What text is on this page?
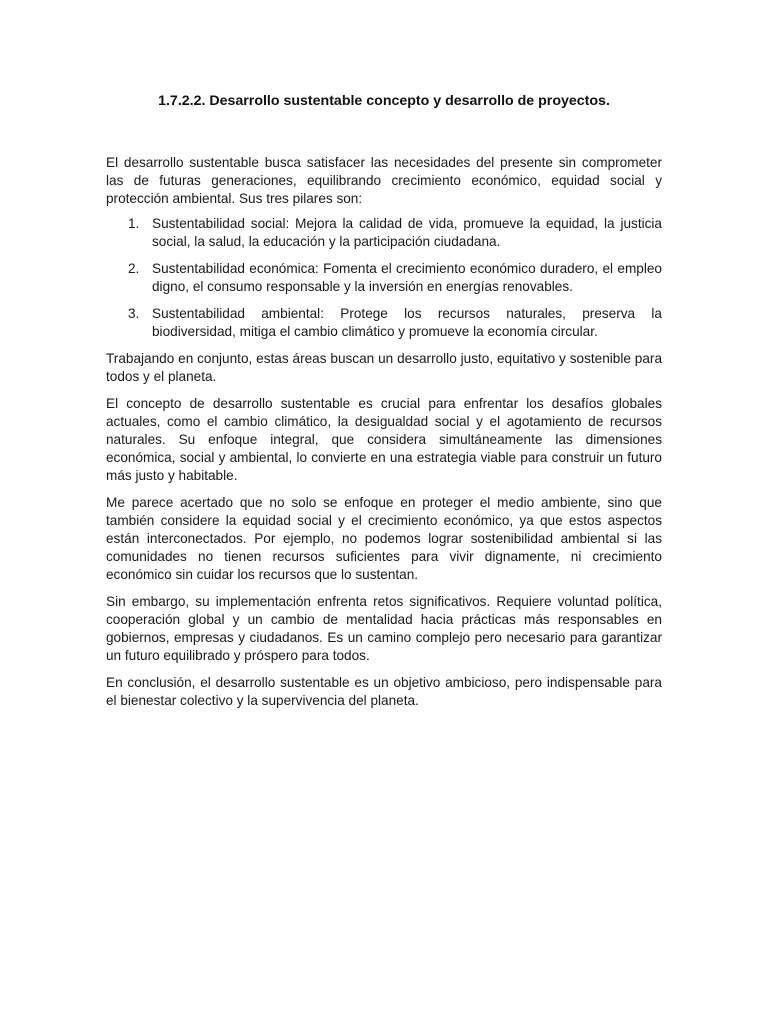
1.7.2.2. Desarrollo sustentable concepto y desarrollo de proyectos.

El desarrollo sustentable busca satisfacer las necesidades del presente sin comprometer las de futuras generaciones, equilibrando crecimiento económico, equidad social y protección ambiental. Sus tres pilares son:

1. Sustentabilidad social: Mejora la calidad de vida, promueve la equidad, la justicia social, la salud, la educación y la participación ciudadana.
2. Sustentabilidad económica: Fomenta el crecimiento económico duradero, el empleo digno, el consumo responsable y la inversión en energías renovables.
3. Sustentabilidad ambiental: Protege los recursos naturales, preserva la biodiversidad, mitiga el cambio climático y promueve la economía circular.

Trabajando en conjunto, estas áreas buscan un desarrollo justo, equitativo y sostenible para todos y el planeta.

El concepto de desarrollo sustentable es crucial para enfrentar los desafíos globales actuales, como el cambio climático, la desigualdad social y el agotamiento de recursos naturales. Su enfoque integral, que considera simultáneamente las dimensiones económica, social y ambiental, lo convierte en una estrategia viable para construir un futuro más justo y habitable.

Me parece acertado que no solo se enfoque en proteger el medio ambiente, sino que también considere la equidad social y el crecimiento económico, ya que estos aspectos están interconectados. Por ejemplo, no podemos lograr sostenibilidad ambiental si las comunidades no tienen recursos suficientes para vivir dignamente, ni crecimiento económico sin cuidar los recursos que lo sustentan.

Sin embargo, su implementación enfrenta retos significativos. Requiere voluntad política, cooperación global y un cambio de mentalidad hacia prácticas más responsables en gobiernos, empresas y ciudadanos. Es un camino complejo pero necesario para garantizar un futuro equilibrado y próspero para todos.

En conclusión, el desarrollo sustentable es un objetivo ambicioso, pero indispensable para el bienestar colectivo y la supervivencia del planeta.
